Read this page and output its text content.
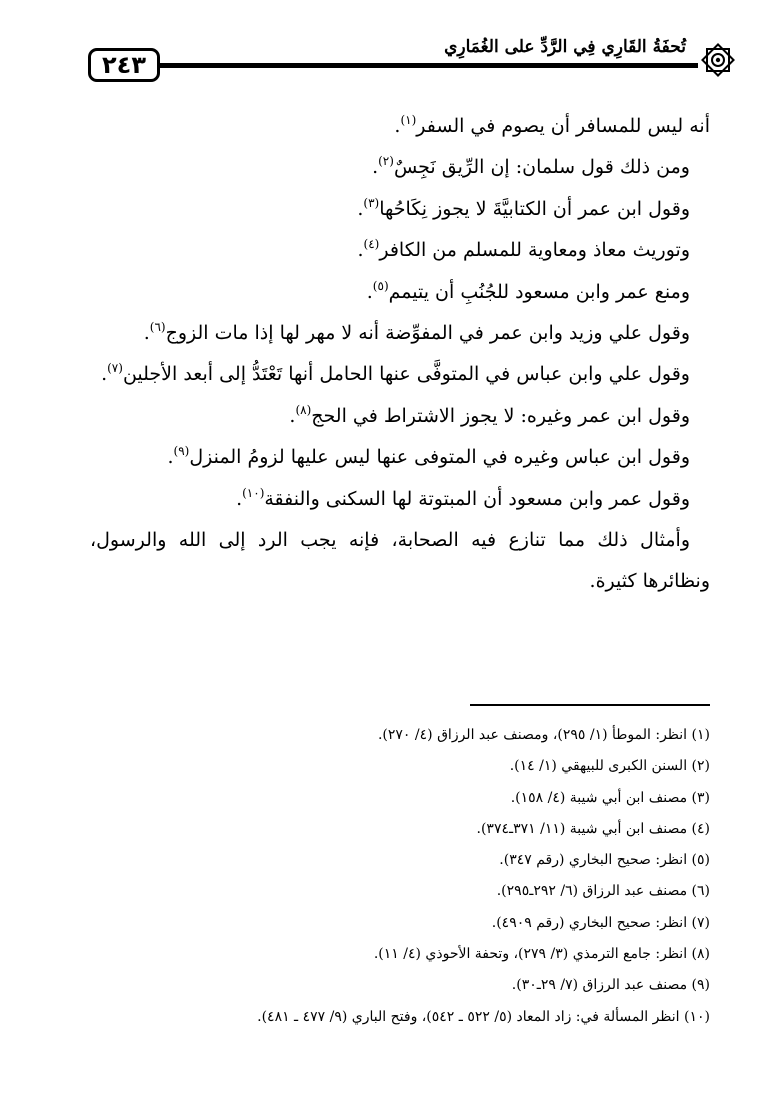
٢٤٣
تُحفَةُ القَارِي فِي الرَّدِّ على الغُمَارِي

أنه ليس للمسافر أن يصوم في السفر$^{(١)}$.

ومن ذلك قول سلمان: إن الرِّيق نَجِسٌ$^{(٢)}$.

وقول ابن عمر أن الكتابيَّةَ لا يجوز نِكَاحُها$^{(٣)}$.

وتوريث معاذ ومعاوية للمسلم من الكافر$^{(٤)}$.

ومنع عمر وابن مسعود للجُنُبِ أن يتيمم$^{(٥)}$.

وقول علي وزيد وابن عمر في المفوِّضة أنه لا مهر لها إذا مات الزوج$^{(٦)}$.

وقول علي وابن عباس في المتوفَّى عنها الحامل أنها تَعْتَدُّ إلى أبعد الأجلين$^{(٧)}$.

وقول ابن عمر وغيره: لا يجوز الاشتراط في الحج$^{(٨)}$.

وقول ابن عباس وغيره في المتوفى عنها ليس عليها لزومُ المنزل$^{(٩)}$.

وقول عمر وابن مسعود أن المبتوتة لها السكنى والنفقة$^{(١٠)}$.

وأمثال ذلك مما تنازع فيه الصحابة، فإنه يجب الرد إلى الله والرسول، ونظائرها كثيرة.

(١) انظر: الموطأ (١/ ٢٩٥)، ومصنف عبد الرزاق (٤/ ٢٧٠).
(٢) السنن الكبرى للبيهقي (١/ ١٤).
(٣) مصنف ابن أبي شيبة (٤/ ١٥٨).
(٤) مصنف ابن أبي شيبة (١١/ ٣٧١ـ٣٧٤).
(٥) انظر: صحيح البخاري (رقم ٣٤٧).
(٦) مصنف عبد الرزاق (٦/ ٢٩٢ـ٢٩٥).
(٧) انظر: صحيح البخاري (رقم ٤٩٠٩).
(٨) انظر: جامع الترمذي (٣/ ٢٧٩)، وتحفة الأحوذي (٤/ ١١).
(٩) مصنف عبد الرزاق (٧/ ٢٩ـ٣٠).
(١٠) انظر المسألة في: زاد المعاد (٥/ ٥٢٢ ـ ٥٤٢)، وفتح الباري (٩/ ٤٧٧ ـ ٤٨١).
